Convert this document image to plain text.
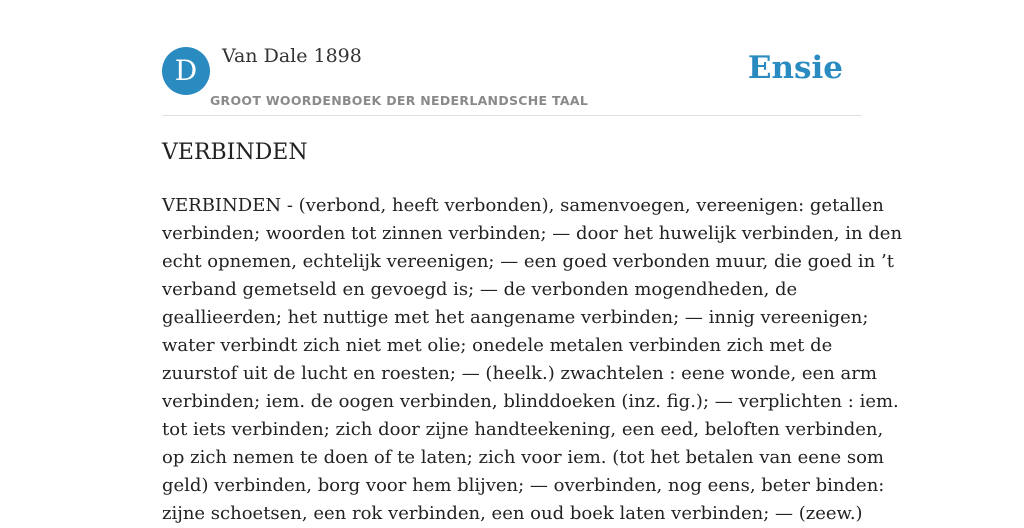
D	Van Dale 1898
GROOT WOORDENBOEK DER NEDERLANDSCHE TAAL
Ensie
VERBINDEN

VERBINDEN - (verbond, heeft verbonden), samenvoegen, vereenigen: getallen
verbinden; woorden tot zinnen verbinden; — door het huwelijk verbinden, in den
echt opnemen, echtelijk vereenigen; — een goed verbonden muur, die goed in ’t
verband gemetseld en gevoegd is; — de verbonden mogendheden, de
geallieerden; het nuttige met het aangename verbinden; — innig vereenigen;
water verbindt zich niet met olie; onedele metalen verbinden zich met de
zuurstof uit de lucht en roesten; — (heelk.) zwachtelen : eene wonde, een arm
verbinden; iem. de oogen verbinden, blinddoeken (inz. fig.); — verplichten : iem.
tot iets verbinden; zich door zijne handteekening, een eed, beloften verbinden,
op zich nemen te doen of te laten; zich voor iem. (tot het betalen van eene som
geld) verbinden, borg voor hem blijven; — overbinden, nog eens, beter binden:
zijne schoetsen, een rok verbinden, een oud boek laten verbinden; — (zeew.)
